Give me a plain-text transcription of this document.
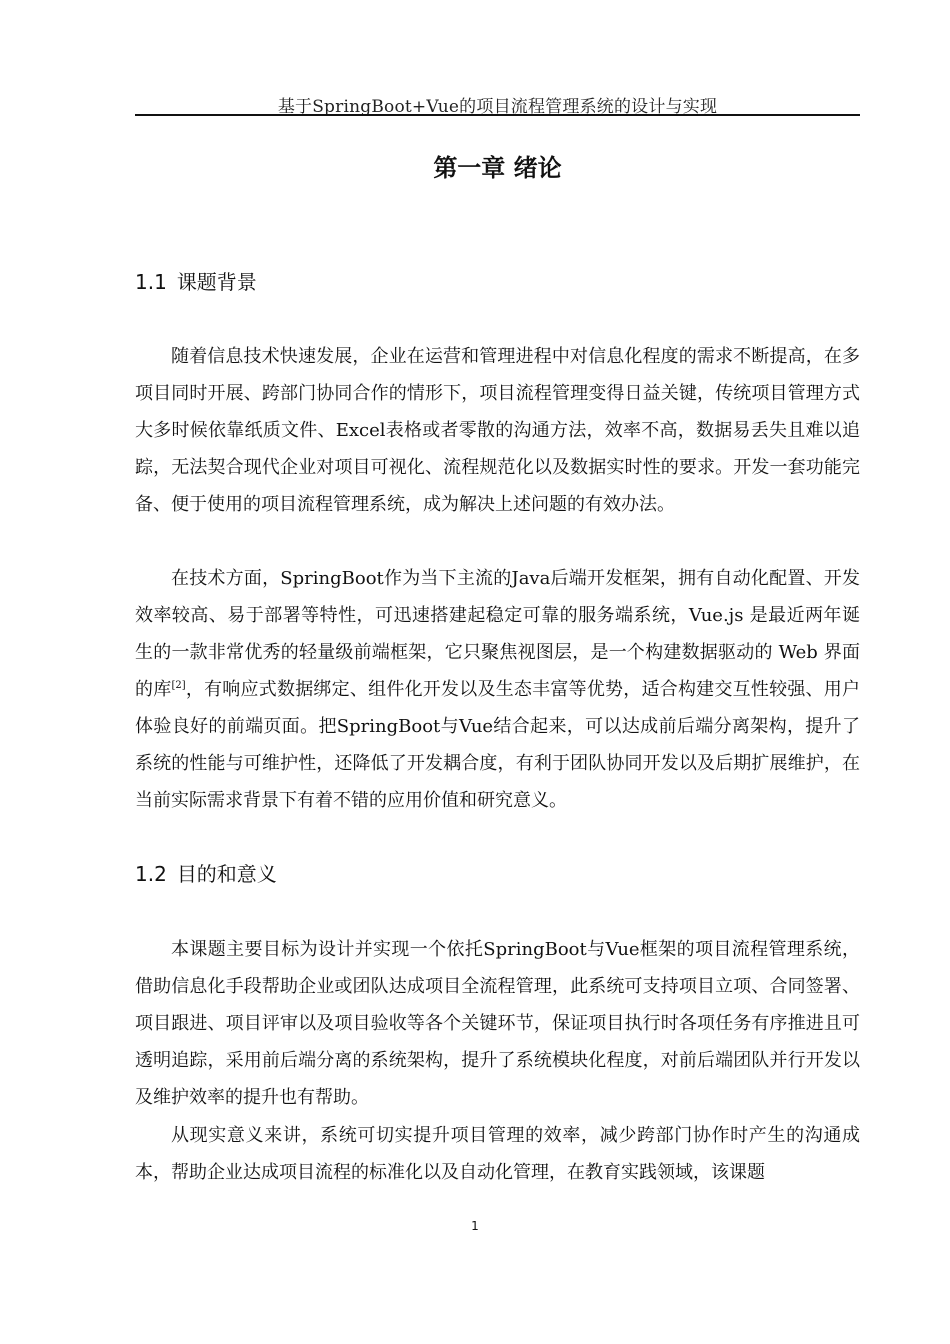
基于SpringBoot+Vue的项目流程管理系统的设计与实现
第一章 绪论
1.1 课题背景

随着信息技术快速发展，企业在运营和管理进程中对信息化程度的需求不断提高，在多项目同时开展、跨部门协同合作的情形下，项目流程管理变得日益关键，传统项目管理方式大多时候依靠纸质文件、Excel表格或者零散的沟通方法，效率不高，数据易丢失且难以追踪，无法契合现代企业对项目可视化、流程规范化以及数据实时性的要求。开发一套功能完备、便于使用的项目流程管理系统，成为解决上述问题的有效办法。

在技术方面，SpringBoot作为当下主流的Java后端开发框架，拥有自动化配置、开发效率较高、易于部署等特性，可迅速搭建起稳定可靠的服务端系统，Vue.js 是最近两年诞生的一款非常优秀的轻量级前端框架，它只聚焦视图层，是一个构建数据驱动的 Web 界面的库[2]，有响应式数据绑定、组件化开发以及生态丰富等优势，适合构建交互性较强、用户体验良好的前端页面。把SpringBoot与Vue结合起来，可以达成前后端分离架构，提升了系统的性能与可维护性，还降低了开发耦合度，有利于团队协同开发以及后期扩展维护，在当前实际需求背景下有着不错的应用价值和研究意义。

1.2 目的和意义

本课题主要目标为设计并实现一个依托SpringBoot与Vue框架的项目流程管理系统，借助信息化手段帮助企业或团队达成项目全流程管理，此系统可支持项目立项、合同签署、项目跟进、项目评审以及项目验收等各个关键环节，保证项目执行时各项任务有序推进且可透明追踪，采用前后端分离的系统架构，提升了系统模块化程度，对前后端团队并行开发以及维护效率的提升也有帮助。

从现实意义来讲，系统可切实提升项目管理的效率，减少跨部门协作时产生的沟通成本，帮助企业达成项目流程的标准化以及自动化管理，在教育实践领域，该课题

1
